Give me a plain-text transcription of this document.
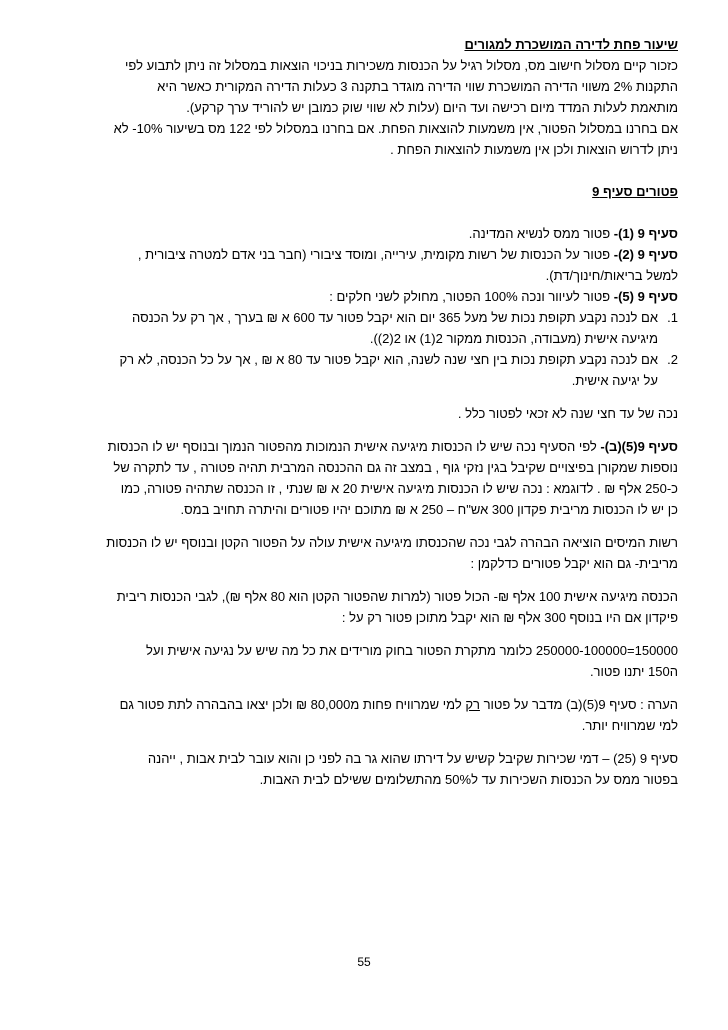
שיעור פחת לדירה המושכרת למגורים
כזכור קיים מסלול חישוב מס, מסלול רגיל על הכנסות משכירות בניכוי הוצאות במסלול זה ניתן לתבוע לפי
התקנות 2% משווי הדירה המושכרת שווי הדירה מוגדר בתקנה 3 כעלות הדירה המקורית כאשר היא
מותאמת לעלות המדד מיום רכישה ועד היום (עלות לא שווי שוק כמובן יש להוריד ערך קרקע).
אם בחרנו במסלול הפטור, אין משמעות להוצאות הפחת. אם בחרנו במסלול לפי 122 מס בשיעור 10%- לא
ניתן לדרוש הוצאות ולכן אין משמעות להוצאות הפחת .
פטורים סעיף 9
סעיף 9 (1)- פטור ממס לנשיא המדינה.
סעיף 9 (2)- פטור על הכנסות של רשות מקומית, עירייה, ומוסד ציבורי (חבר בני אדם למטרה ציבורית ,
למשל בריאות/חינוך/דת).
סעיף 9 (5)- פטור לעיוור ונכה 100% הפטור, מחולק לשני חלקים :
1.
אם לנכה נקבע תקופת נכות של מעל 365 יום הוא יקבל פטור עד 600 א ₪ בערך , אך רק על הכנסה
מיגיעה אישית (מעבודה, הכנסות ממקור 2(1) או 2(2)).
2.
אם לנכה נקבע תקופת נכות בין חצי שנה לשנה, הוא יקבל פטור עד 80 א ₪ , אך על כל הכנסה, לא רק
על יגיעה אישית.
נכה של עד חצי שנה לא זכאי לפטור כלל .
סעיף 9(5)(ב)- לפי הסעיף נכה שיש לו הכנסות מיגיעה אישית הנמוכות מהפטור הנמוך ובנוסף יש לו הכנסות
נוספות שמקורן בפיצויים שקיבל בגין נזקי גוף , במצב זה גם ההכנסה המרבית תהיה פטורה , עד לתקרה של
כ-250 אלף ₪ . לדוגמא : נכה שיש לו הכנסות מיגיעה אישית 20 א ₪ שנתי , זו הכנסה שתהיה פטורה, כמו
כן יש לו הכנסות מריבית פקדון 300 אש"ח – 250 א ₪ מתוכם יהיו פטורים והיתרה תחויב במס.
רשות המיסים הוציאה הבהרה לגבי נכה שהכנסתו מיגיעה אישית עולה על הפטור הקטן ובנוסף יש לו הכנסות
מריבית- גם הוא יקבל פטורים כדלקמן :
הכנסה מיגיעה אישית 100 אלף ₪- הכול פטור (למרות שהפטור הקטן הוא 80 אלף ₪), לגבי הכנסות ריבית
פיקדון אם היו בנוסף 300 אלף ₪ הוא יקבל מתוכן פטור רק על :
150000=250000-100000 כלומר מתקרת הפטור בחוק מורידים את כל מה שיש על נגיעה אישית ועל
ה150 יתנו פטור.
הערה : סעיף 9(5)(ב) מדבר על פטור רק למי שמרוויח פחות מ80,000 ₪ ולכן יצאו בהבהרה לתת פטור גם
למי שמרוויח יותר.
סעיף 9 (25) – דמי שכירות שקיבל קשיש על דירתו שהוא גר בה לפני כן והוא עובר לבית אבות , ייהנה
בפטור ממס על הכנסות השכירות עד ל50% מהתשלומים ששילם לבית האבות.
55
